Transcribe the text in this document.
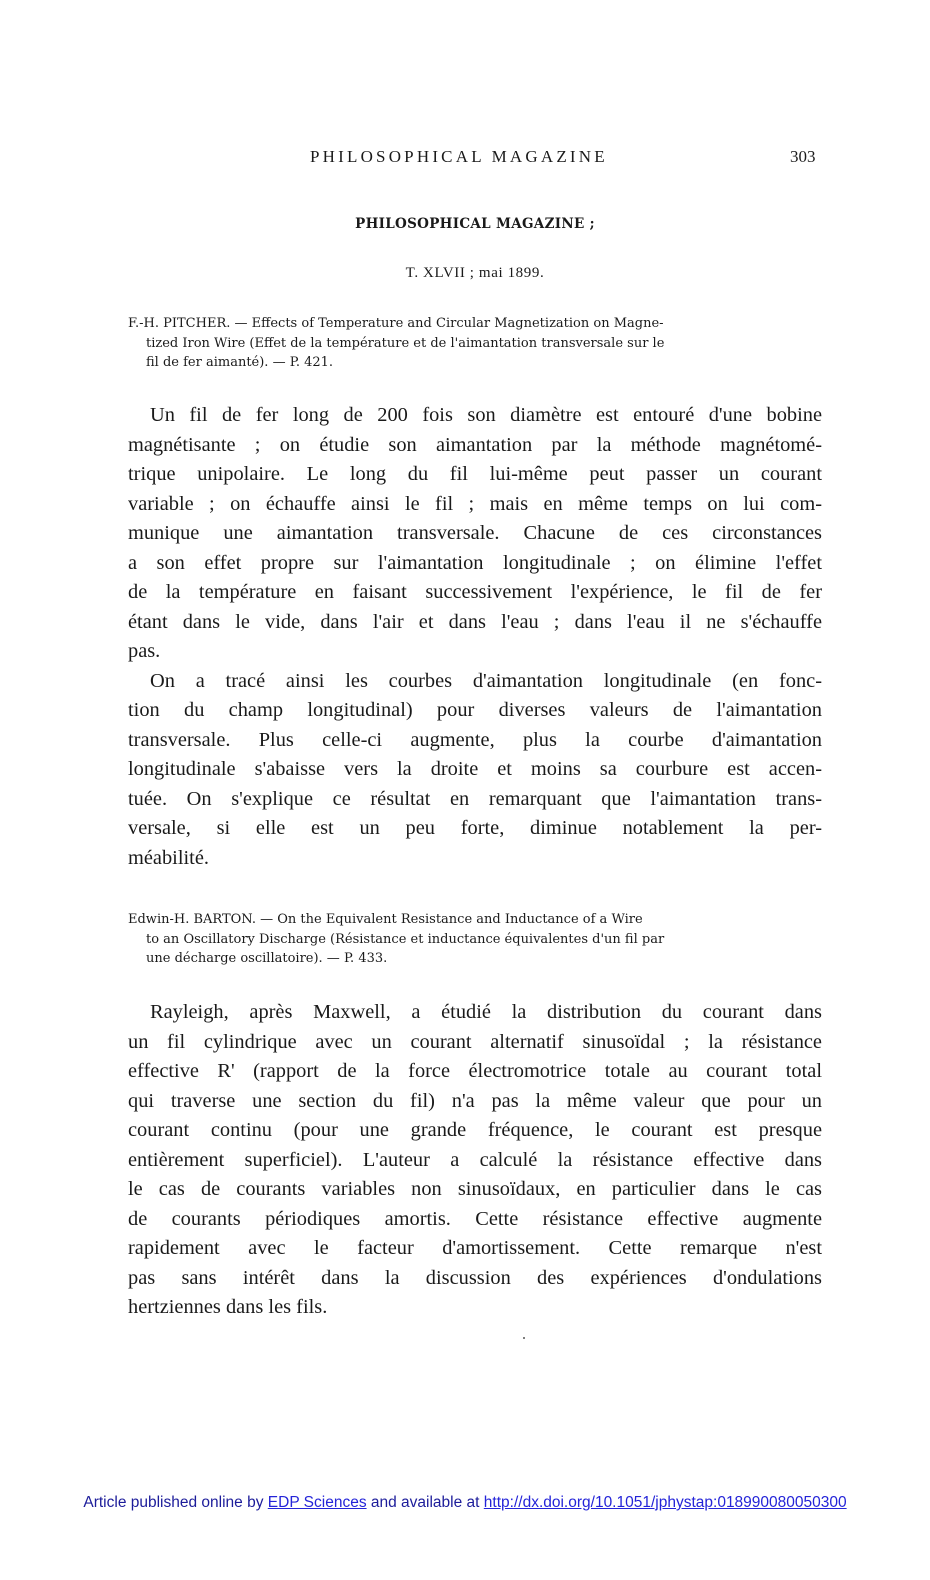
PHILOSOPHICAL MAGAZINE	303
PHILOSOPHICAL MAGAZINE ;
T. XLVII ; mai 1899.
F.-H. PITCHER. — Effects of Temperature and Circular Magnetization on Magne-
tized Iron Wire (Effet de la température et de l'aimantation transversale sur le
fil de fer aimanté). — P. 421.
Un fil de fer long de 200 fois son diamètre est entouré d'une bobine
magnétisante ; on étudie son aimantation par la méthode magnétomé-
trique unipolaire. Le long du fil lui-même peut passer un courant
variable ; on échauffe ainsi le fil ; mais en même temps on lui com-
munique une aimantation transversale. Chacune de ces circonstances
a son effet propre sur l'aimantation longitudinale ; on élimine l'effet
de la température en faisant successivement l'expérience, le fil de fer
étant dans le vide, dans l'air et dans l'eau ; dans l'eau il ne s'échauffe
pas.
On a tracé ainsi les courbes d'aimantation longitudinale (en fonc-
tion du champ longitudinal) pour diverses valeurs de l'aimantation
transversale. Plus celle-ci augmente, plus la courbe d'aimantation
longitudinale s'abaisse vers la droite et moins sa courbure est accen-
tuée. On s'explique ce résultat en remarquant que l'aimantation trans-
versale, si elle est un peu forte, diminue notablement la per-
méabilité.
Edwin-H. BARTON. — On the Equivalent Resistance and Inductance of a Wire
to an Oscillatory Discharge (Résistance et inductance équivalentes d'un fil par
une décharge oscillatoire). — P. 433.
Rayleigh, après Maxwell, a étudié la distribution du courant dans
un fil cylindrique avec un courant alternatif sinusoïdal ; la résistance
effective R' (rapport de la force électromotrice totale au courant total
qui traverse une section du fil) n'a pas la même valeur que pour un
courant continu (pour une grande fréquence, le courant est presque
entièrement superficiel). L'auteur a calculé la résistance effective dans
le cas de courants variables non sinusoïdaux, en particulier dans le cas
de courants périodiques amortis. Cette résistance effective augmente
rapidement avec le facteur d'amortissement. Cette remarque n'est
pas sans intérêt dans la discussion des expériences d'ondulations
hertziennes dans les fils.
Article published online by EDP Sciences and available at http://dx.doi.org/10.1051/jphystap:018990080050300
